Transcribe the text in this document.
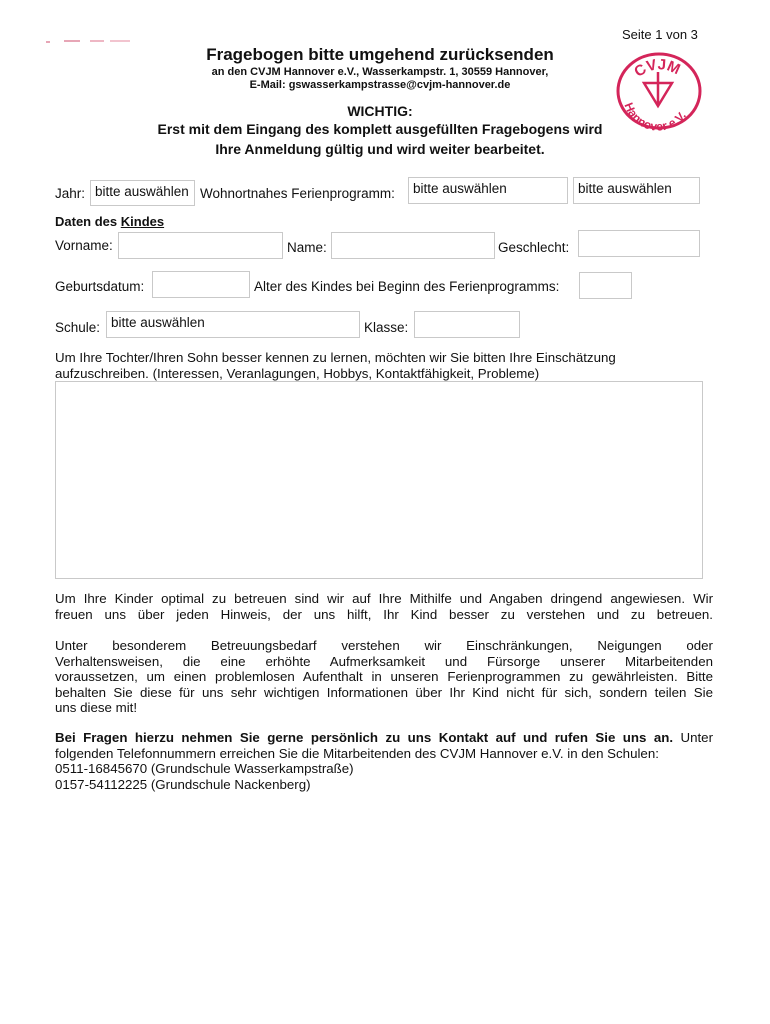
Seite 1 von 3
Fragebogen bitte umgehend zurücksenden
an den CVJM Hannover e.V., Wasserkampstr. 1, 30559 Hannover,
E-Mail: gswasserkampstrasse@cvjm-hannover.de
CVJM
Hannover e.V.
WICHTIG:
Erst mit dem Eingang des komplett ausgefüllten Fragebogens wird
Ihre Anmeldung gültig und wird weiter bearbeitet.
Jahr: bitte auswählen Wohnortnahes Ferienprogramm:	bitte auswählen	bitte auswählen
Daten des Kindes
Vorname:	Name:	Geschlecht:
Geburtsdatum:	Alter des Kindes bei Beginn des Ferienprogramms:
Schule: bitte auswählen	Klasse:
Um Ihre Tochter/Ihren Sohn besser kennen zu lernen, möchten wir Sie bitten Ihre Einschätzung
aufzuschreiben. (Interessen, Veranlagungen, Hobbys, Kontaktfähigkeit, Probleme)
Um Ihre Kinder optimal zu betreuen sind wir auf Ihre Mithilfe und Angaben dringend angewiesen. Wir
freuen uns über jeden Hinweis, der uns hilft, Ihr Kind besser zu verstehen und zu betreuen.
Unter besonderem Betreuungsbedarf verstehen wir Einschränkungen, Neigungen oder
Verhaltensweisen, die eine erhöhte Aufmerksamkeit und Fürsorge unserer Mitarbeitenden
voraussetzen, um einen problemlosen Aufenthalt in unseren Ferienprogrammen zu gewährleisten. Bitte
behalten Sie diese für uns sehr wichtigen Informationen über Ihr Kind nicht für sich, sondern teilen Sie
uns diese mit!
Bei Fragen hierzu nehmen Sie gerne persönlich zu uns Kontakt auf und rufen Sie uns an. Unter
folgenden Telefonnummern erreichen Sie die Mitarbeitenden des CVJM Hannover e.V. in den Schulen:
0511-16845670 (Grundschule Wasserkampstraße)
0157-54112225 (Grundschule Nackenberg)
